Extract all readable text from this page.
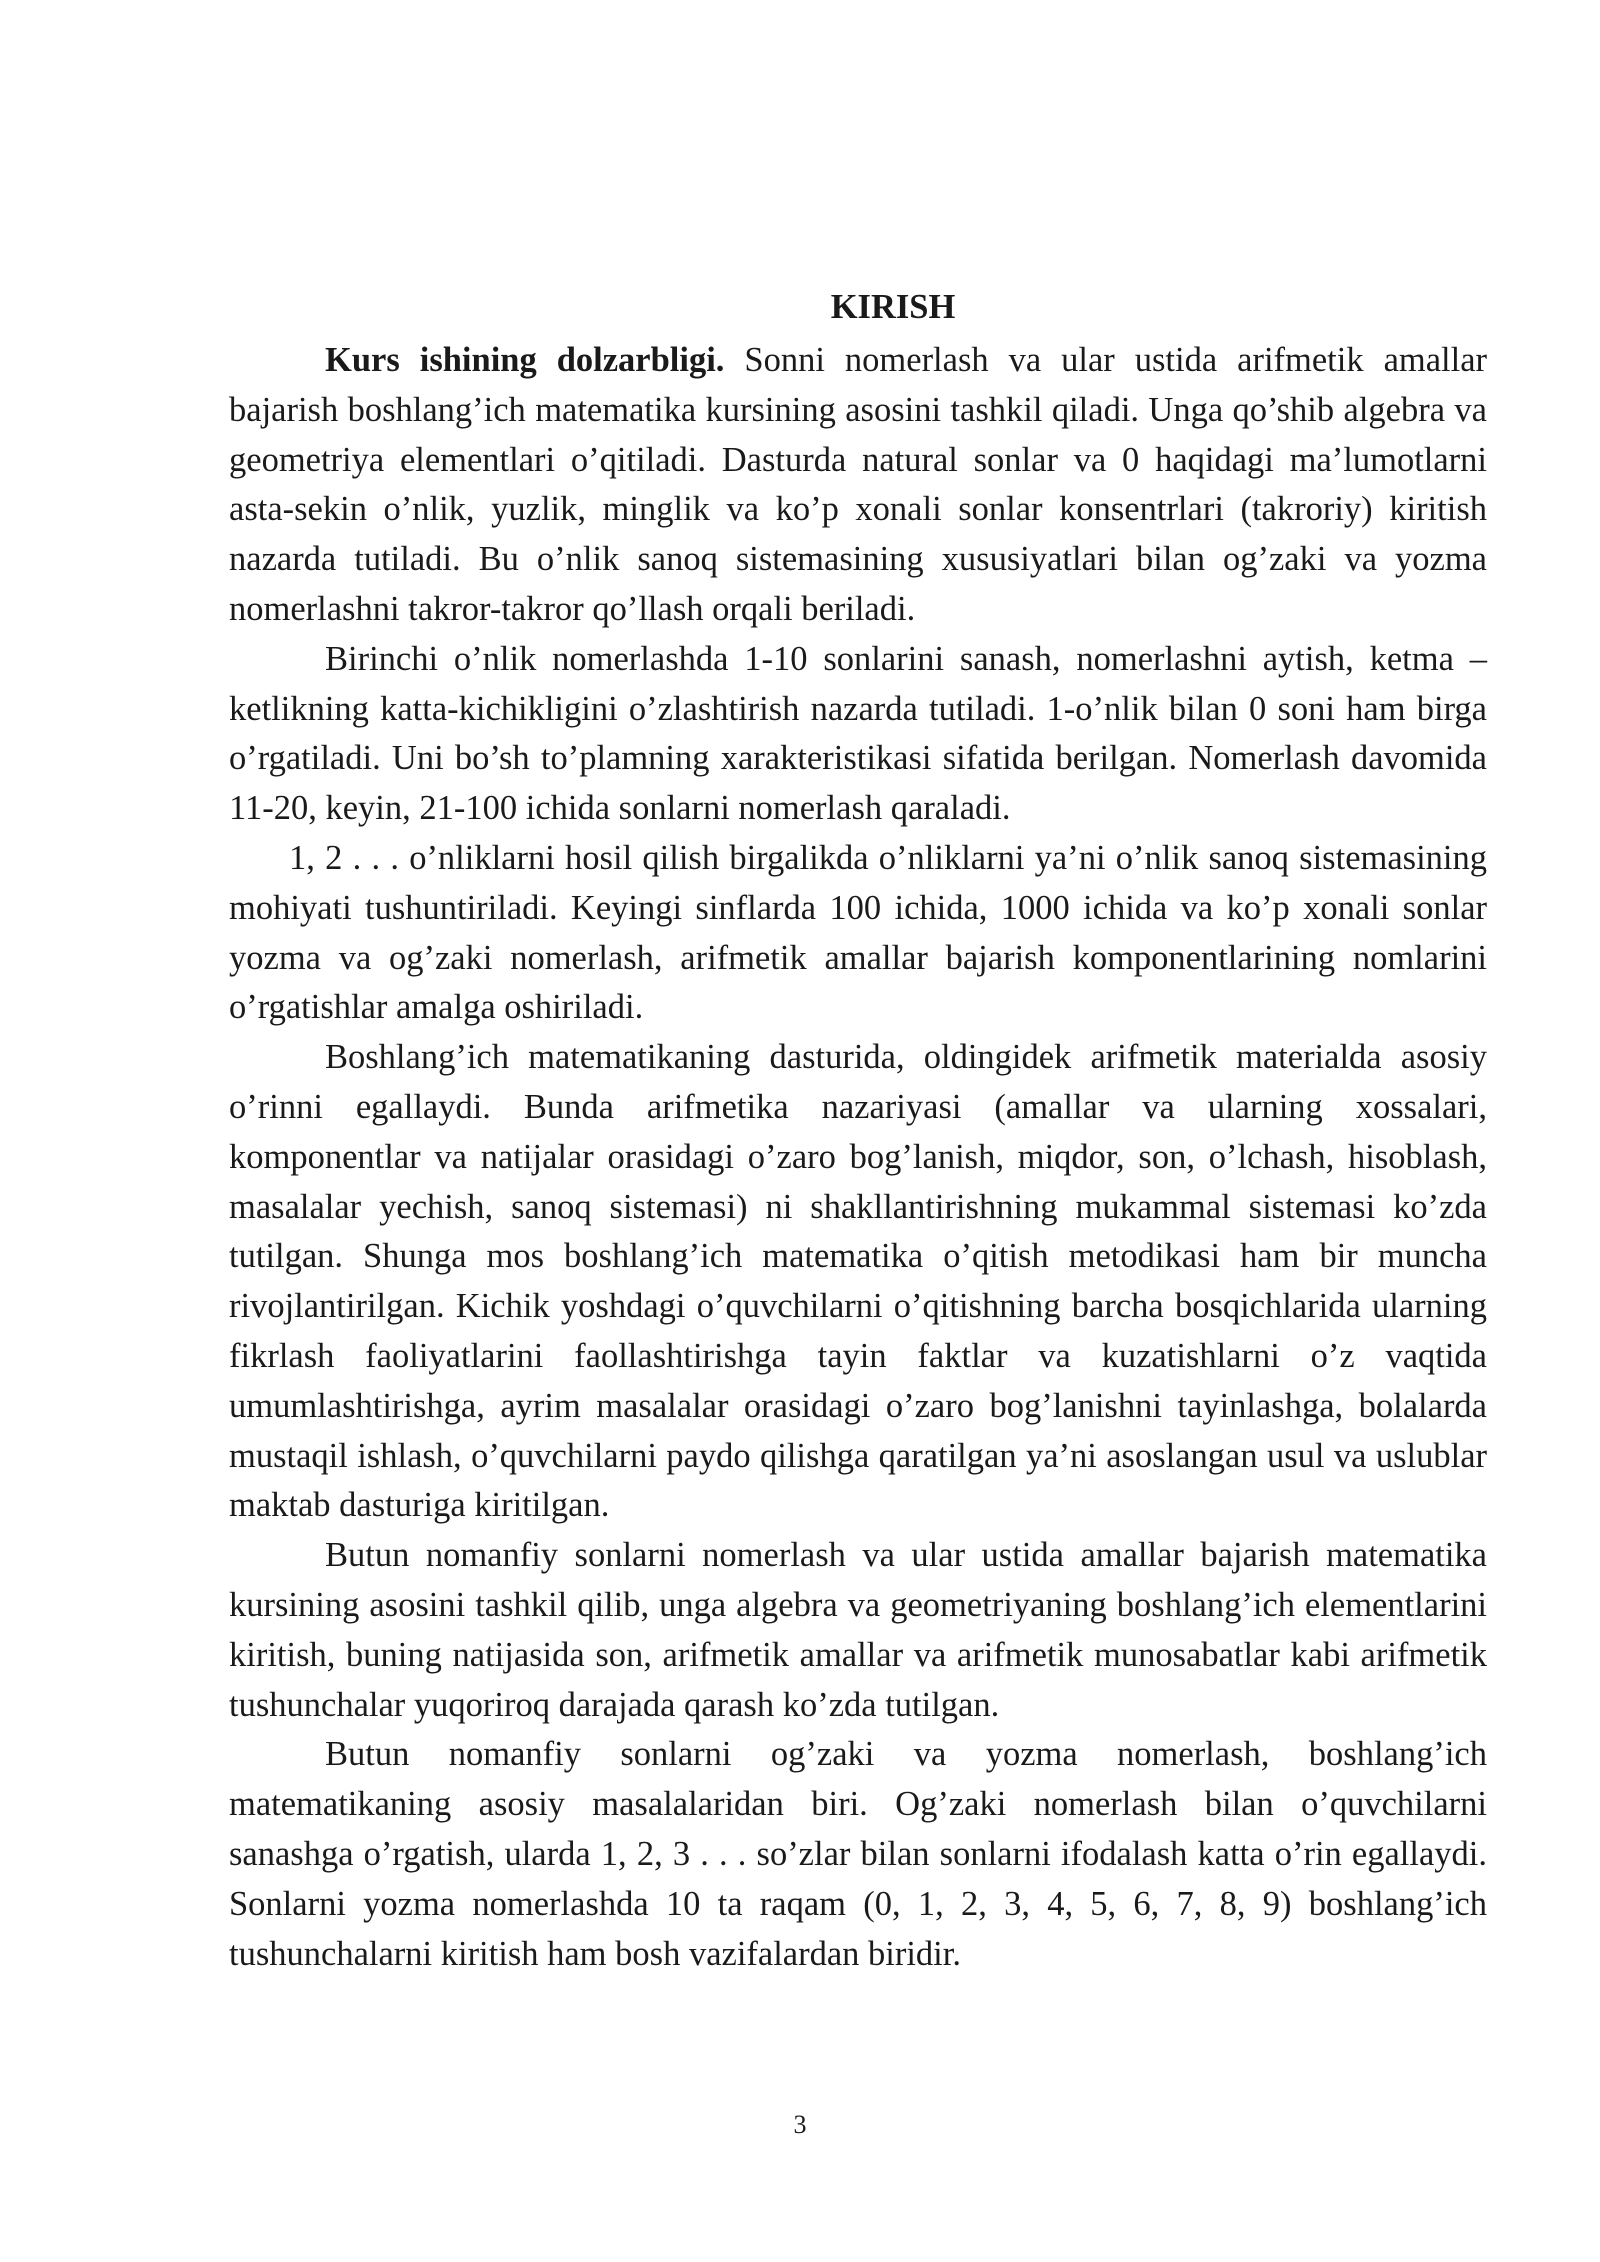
KIRISH

Kurs ishining dolzarbligi. Sonni nomerlash va ular ustida arifmetik amallar bajarish boshlang’ich matematika kursining asosini tashkil qiladi. Unga qo’shib algebra va geometriya elementlari o’qitiladi. Dasturda natural sonlar va 0 haqidagi ma’lumotlarni asta-sekin o’nlik, yuzlik, minglik va ko’p xonali sonlar konsentrlari (takroriy) kiritish nazarda tutiladi. Bu o’nlik sanoq sistemasining xususiyatlari bilan og’zaki va yozma nomerlashni takror-takror qo’llash orqali beriladi.

Birinchi o’nlik nomerlashda 1-10 sonlarini sanash, nomerlashni aytish, ketma – ketlikning katta-kichikligini o’zlashtirish nazarda tutiladi. 1-o’nlik bilan 0 soni ham birga o’rgatiladi. Uni bo’sh to’plamning xarakteristikasi sifatida berilgan. Nomerlash davomida 11-20, keyin, 21-100 ichida sonlarni nomerlash qaraladi.

1, 2 . . . o’nliklarni hosil qilish birgalikda o’nliklarni ya’ni o’nlik sanoq sistemasining mohiyati tushuntiriladi. Keyingi sinflarda 100 ichida, 1000 ichida va ko’p xonali sonlar yozma va og’zaki nomerlash, arifmetik amallar bajarish komponentlarining nomlarini o’rgatishlar amalga oshiriladi.

Boshlang’ich matematikaning dasturida, oldingidek arifmetik materialda asosiy o’rinni egallaydi. Bunda arifmetika nazariyasi (amallar va ularning xossalari, komponentlar va natijalar orasidagi o’zaro bog’lanish, miqdor, son, o’lchash, hisoblash, masalalar yechish, sanoq sistemasi) ni shakllantirishning mukammal sistemasi ko’zda tutilgan. Shunga mos boshlang’ich matematika o’qitish metodikasi ham bir muncha rivojlantirilgan. Kichik yoshdagi o’quvchilarni o’qitishning barcha bosqichlarida ularning fikrlash faoliyatlarini faollashtirishga tayin faktlar va kuzatishlarni o’z vaqtida umumlashtirishga, ayrim masalalar orasidagi o’zaro bog’lanishni tayinlashga, bolalarda mustaqil ishlash, o’quvchilarni paydo qilishga qaratilgan ya’ni asoslangan usul va uslublar maktab dasturiga kiritilgan.

Butun nomanfiy sonlarni nomerlash va ular ustida amallar bajarish matematika kursining asosini tashkil qilib, unga algebra va geometriyaning boshlang’ich elementlarini kiritish, buning natijasida son, arifmetik amallar va arifmetik munosabatlar kabi arifmetik tushunchalar yuqoriroq darajada qarash ko’zda tutilgan.

Butun nomanfiy sonlarni og’zaki va yozma nomerlash, boshlang’ich matematikaning asosiy masalalaridan biri. Og’zaki nomerlash bilan o’quvchilarni sanashga o’rgatish, ularda 1, 2, 3 . . . so’zlar bilan sonlarni ifodalash katta o’rin egallaydi. Sonlarni yozma nomerlashda 10 ta raqam (0, 1, 2, 3, 4, 5, 6, 7, 8, 9) boshlang’ich tushunchalarni kiritish ham bosh vazifalardan biridir.

3
